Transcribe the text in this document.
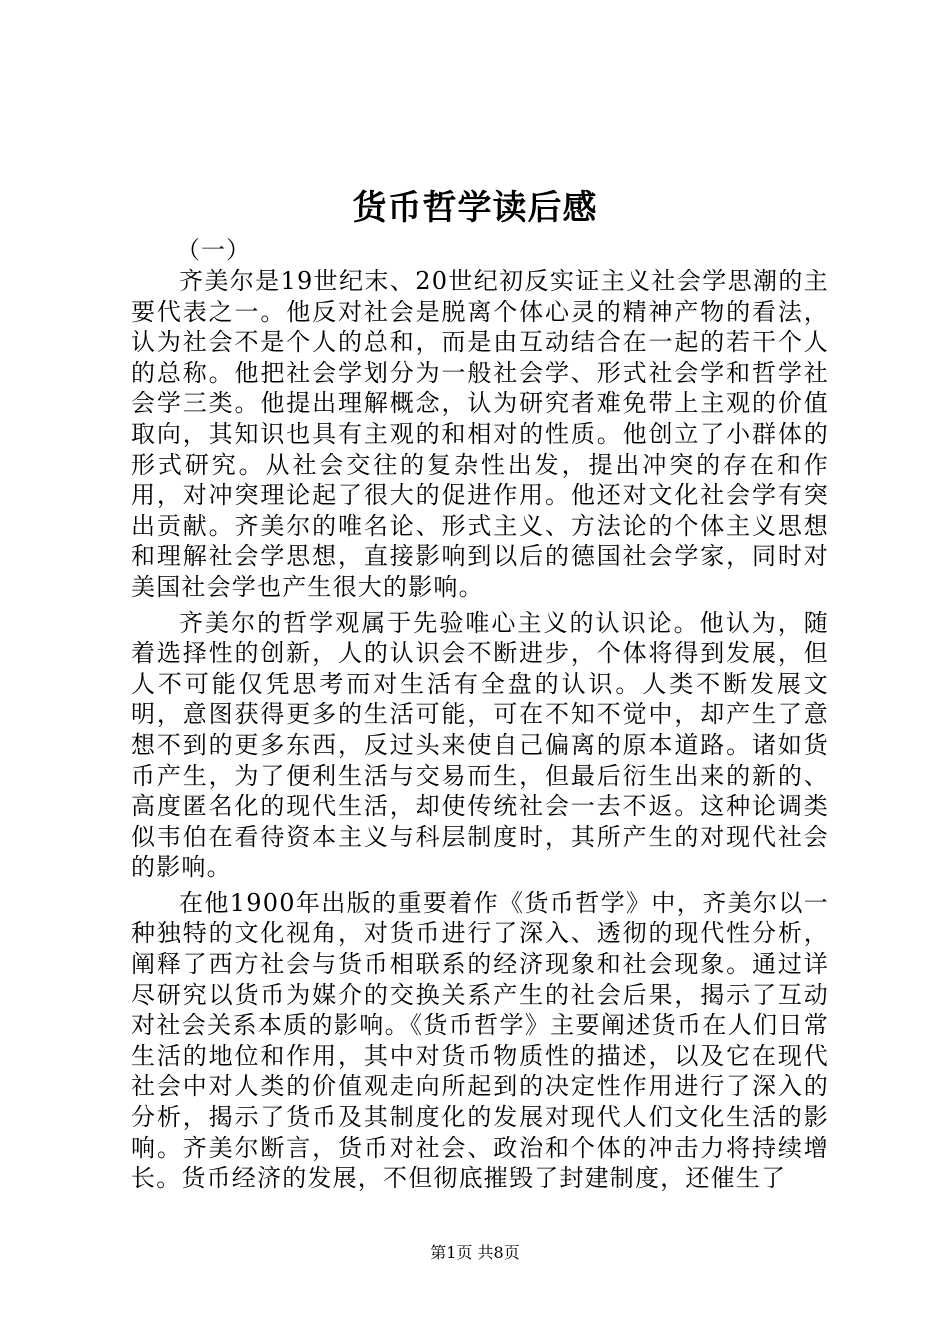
货币哲学读后感
（一）

齐美尔是19世纪末、20世纪初反实证主义社会学思潮的主要代表之一。他反对社会是脱离个体心灵的精神产物的看法，认为社会不是个人的总和，而是由互动结合在一起的若干个人的总称。他把社会学划分为一般社会学、形式社会学和哲学社会学三类。他提出理解概念，认为研究者难免带上主观的价值取向，其知识也具有主观的和相对的性质。他创立了小群体的形式研究。从社会交往的复杂性出发，提出冲突的存在和作用，对冲突理论起了很大的促进作用。他还对文化社会学有突出贡献。齐美尔的唯名论、形式主义、方法论的个体主义思想和理解社会学思想，直接影响到以后的德国社会学家，同时对美国社会学也产生很大的影响。

齐美尔的哲学观属于先验唯心主义的认识论。他认为，随着选择性的创新，人的认识会不断进步，个体将得到发展，但人不可能仅凭思考而对生活有全盘的认识。人类不断发展文明，意图获得更多的生活可能，可在不知不觉中，却产生了意想不到的更多东西，反过头来使自己偏离的原本道路。诸如货币产生，为了便利生活与交易而生，但最后衍生出来的新的、高度匿名化的现代生活，却使传统社会一去不返。这种论调类似韦伯在看待资本主义与科层制度时，其所产生的对现代社会的影响。

在他1900年出版的重要着作《货币哲学》中，齐美尔以一种独特的文化视角，对货币进行了深入、透彻的现代性分析，阐释了西方社会与货币相联系的经济现象和社会现象。通过详尽研究以货币为媒介的交换关系产生的社会后果，揭示了互动对社会关系本质的影响。《货币哲学》主要阐述货币在人们日常生活的地位和作用，其中对货币物质性的描述，以及它在现代社会中对人类的价值观走向所起到的决定性作用进行了深入的分析，揭示了货币及其制度化的发展对现代人们文化生活的影响。齐美尔断言，货币对社会、政治和个体的冲击力将持续增长。货币经济的发展，不但彻底摧毁了封建制度，还催生了

第1页 共8页
